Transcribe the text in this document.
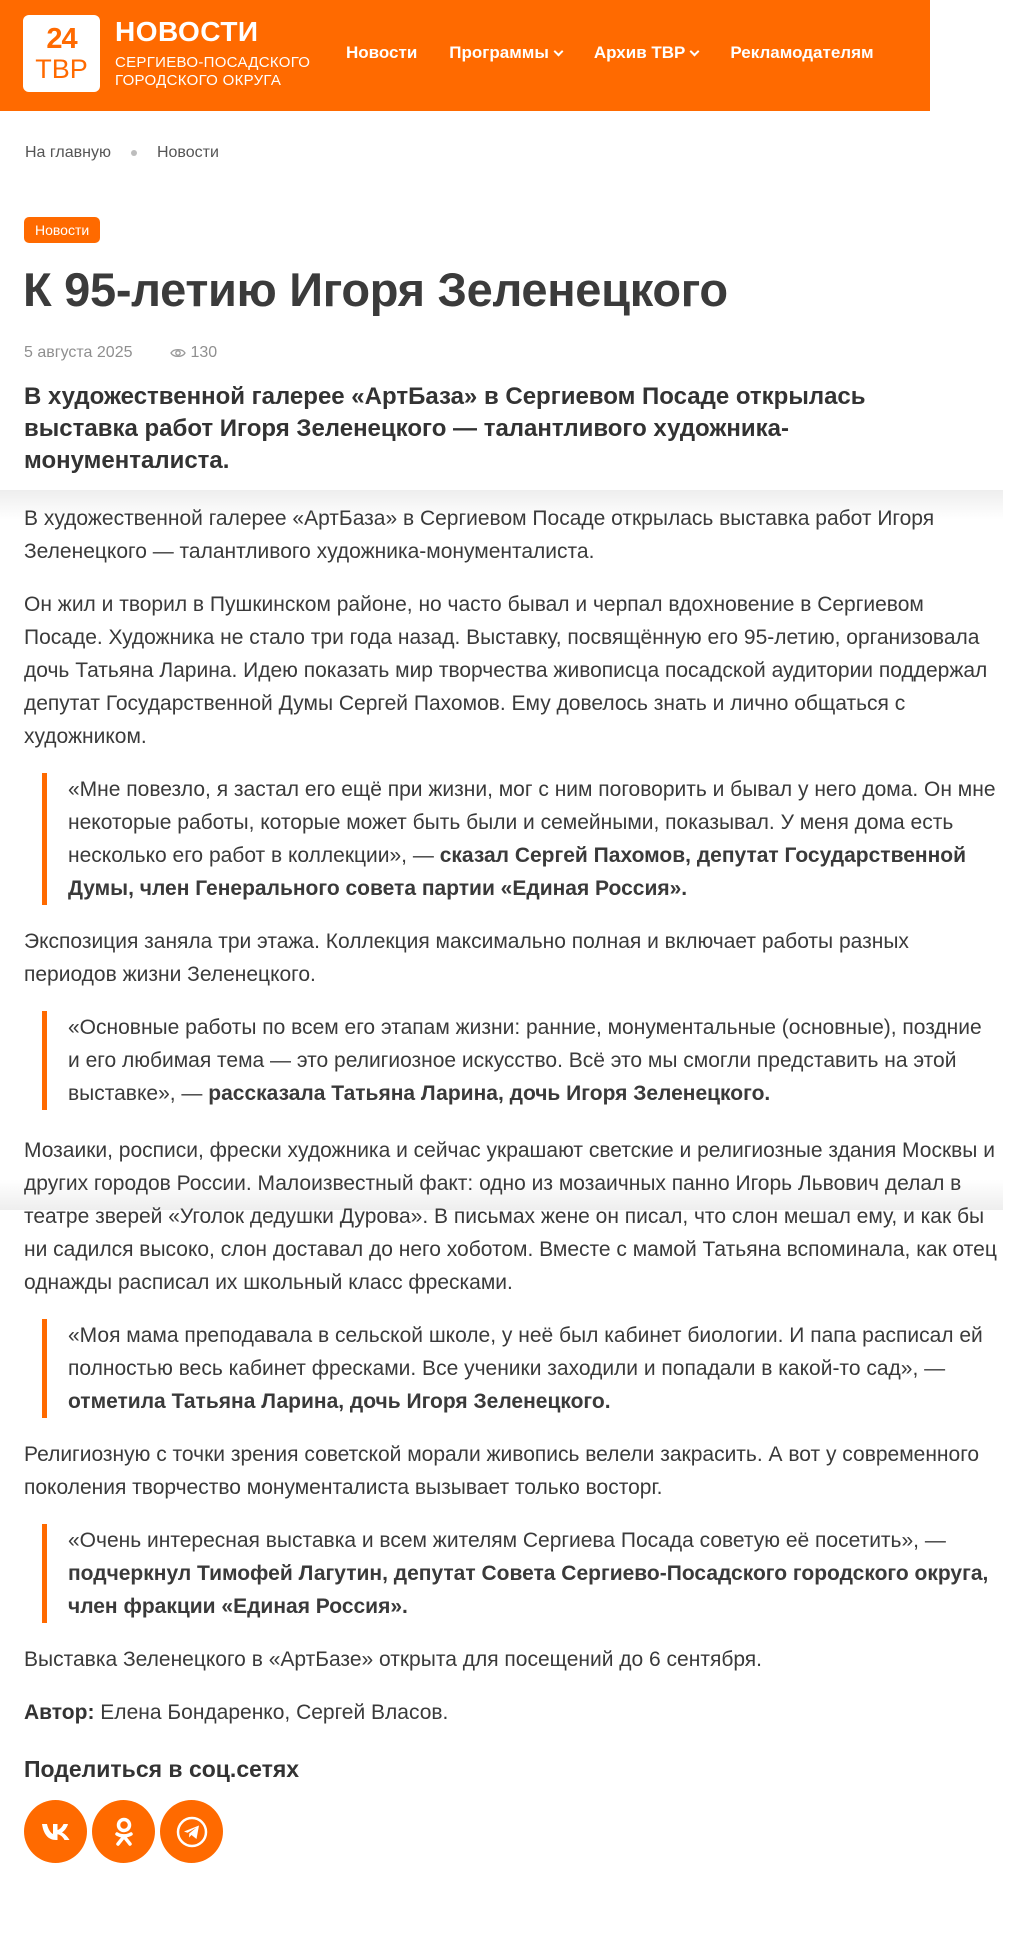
24
ТВР
НОВОСТИ
СЕРГИЕВО-ПОСАДСКОГО
ГОРОДСКОГО ОКРУГА
Новости Программы	Архив ТВР	Рекламодателям
На главную	Новости
Новости
К 95-летию Игоря Зеленецкого
5 августа 2025	130
В художественной галерее «АртБаза» в Сергиевом Посаде открылась выставка работ Игоря Зеленецкого — талантливого художника-монументалиста.

В художественной галерее «АртБаза» в Сергиевом Посаде открылась выставка работ Игоря Зеленецкого — талантливого художника-монументалиста.

Он жил и творил в Пушкинском районе, но часто бывал и черпал вдохновение в Сергиевом Посаде. Художника не стало три года назад. Выставку, посвящённую его 95-летию, организовала дочь Татьяна Ларина. Идею показать мир творчества живописца посадской аудитории поддержал депутат Государственной Думы Сергей Пахомов. Ему довелось знать и лично общаться с художником.

«Мне повезло, я застал его ещё при жизни, мог с ним поговорить и бывал у него дома. Он мне некоторые работы, которые может быть были и семейными, показывал. У меня дома есть несколько его работ в коллекции», — сказал Сергей Пахомов, депутат Государственной Думы, член Генерального совета партии «Единая Россия».

Экспозиция заняла три этажа. Коллекция максимально полная и включает работы разных периодов жизни Зеленецкого.

«Основные работы по всем его этапам жизни: ранние, монументальные (основные), поздние и его любимая тема — это религиозное искусство. Всё это мы смогли представить на этой выставке», — рассказала Татьяна Ларина, дочь Игоря Зеленецкого.

Мозаики, росписи, фрески художника и сейчас украшают светские и религиозные здания Москвы и других городов России. Малоизвестный факт: одно из мозаичных панно Игорь Львович делал в театре зверей «Уголок дедушки Дурова». В письмах жене он писал, что слон мешал ему, и как бы ни садился высоко, слон доставал до него хоботом. Вместе с мамой Татьяна вспоминала, как отец однажды расписал их школьный класс фресками.

«Моя мама преподавала в сельской школе, у неё был кабинет биологии. И папа расписал ей полностью весь кабинет фресками. Все ученики заходили и попадали в какой-то сад», — отметила Татьяна Ларина, дочь Игоря Зеленецкого.

Религиозную с точки зрения советской морали живопись велели закрасить. А вот у современного поколения творчество монументалиста вызывает только восторг.

«Очень интересная выставка и всем жителям Сергиева Посада советую её посетить», — подчеркнул Тимофей Лагутин, депутат Совета Сергиево-Посадского городского округа, член фракции «Единая Россия».

Выставка Зеленецкого в «АртБазе» открыта для посещений до 6 сентября.

Автор: Елена Бондаренко, Сергей Власов.

Поделиться в соц.сетях
